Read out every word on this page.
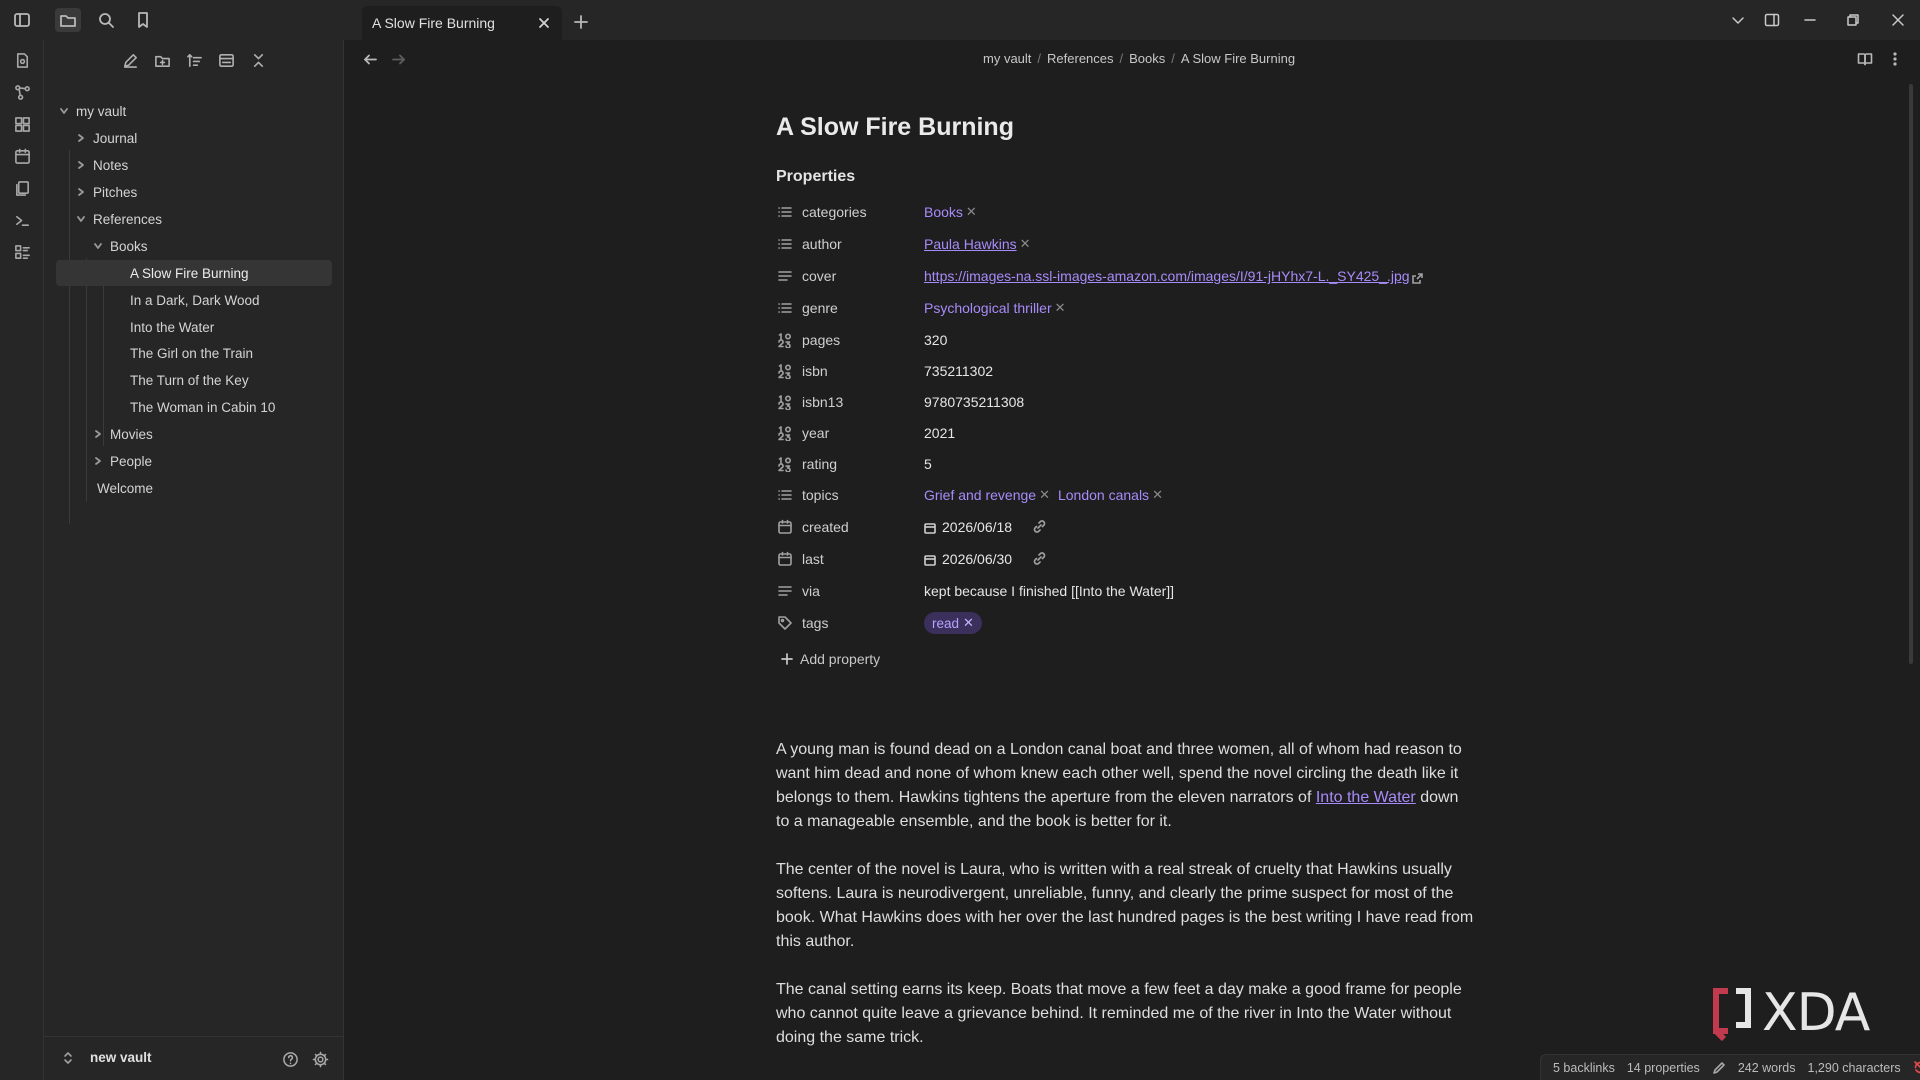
A Slow Fire Burning
my vault
Journal
Notes
Pitches
References
Books
A Slow Fire Burning
In a Dark, Dark Wood
Into the Water
The Girl on the Train
The Turn of the Key
The Woman in Cabin 10
Movies
People
Welcome
new vault
my vault / References / Books / A Slow Fire Burning
A Slow Fire Burning
Properties
categories	Books ✕
author	Paula Hawkins ✕
cover	https://images-na.ssl-images-amazon.com/images/I/91-jHYhx7-L._SY425_.jpg
genre	Psychological thriller ✕
pages	320
isbn	735211302
isbn13	9780735211308
year	2021
rating	5
topics	Grief and revenge ✕ London canals ✕
created	2026/06/18
last	2026/06/30
via	kept because I finished [[Into the Water]]
tags	read ✕
Add property

A young man is found dead on a London canal boat and three women, all of whom had reason to want him dead and none of whom knew each other well, spend the novel circling the death like it belongs to them. Hawkins tightens the aperture from the eleven narrators of Into the Water down to a manageable ensemble, and the book is better for it.

The center of the novel is Laura, who is written with a real streak of cruelty that Hawkins usually softens. Laura is neurodivergent, unreliable, funny, and clearly the prime suspect for most of the book. What Hawkins does with her over the last hundred pages is the best writing I have read from this author.

The canal setting earns its keep. Boats that move a few feet a day make a good frame for people who cannot quite leave a grievance behind. It reminded me of the river in Into the Water without doing the same trick.	XDA
5 backlinks 14 properties	242 words 1,290 characters
